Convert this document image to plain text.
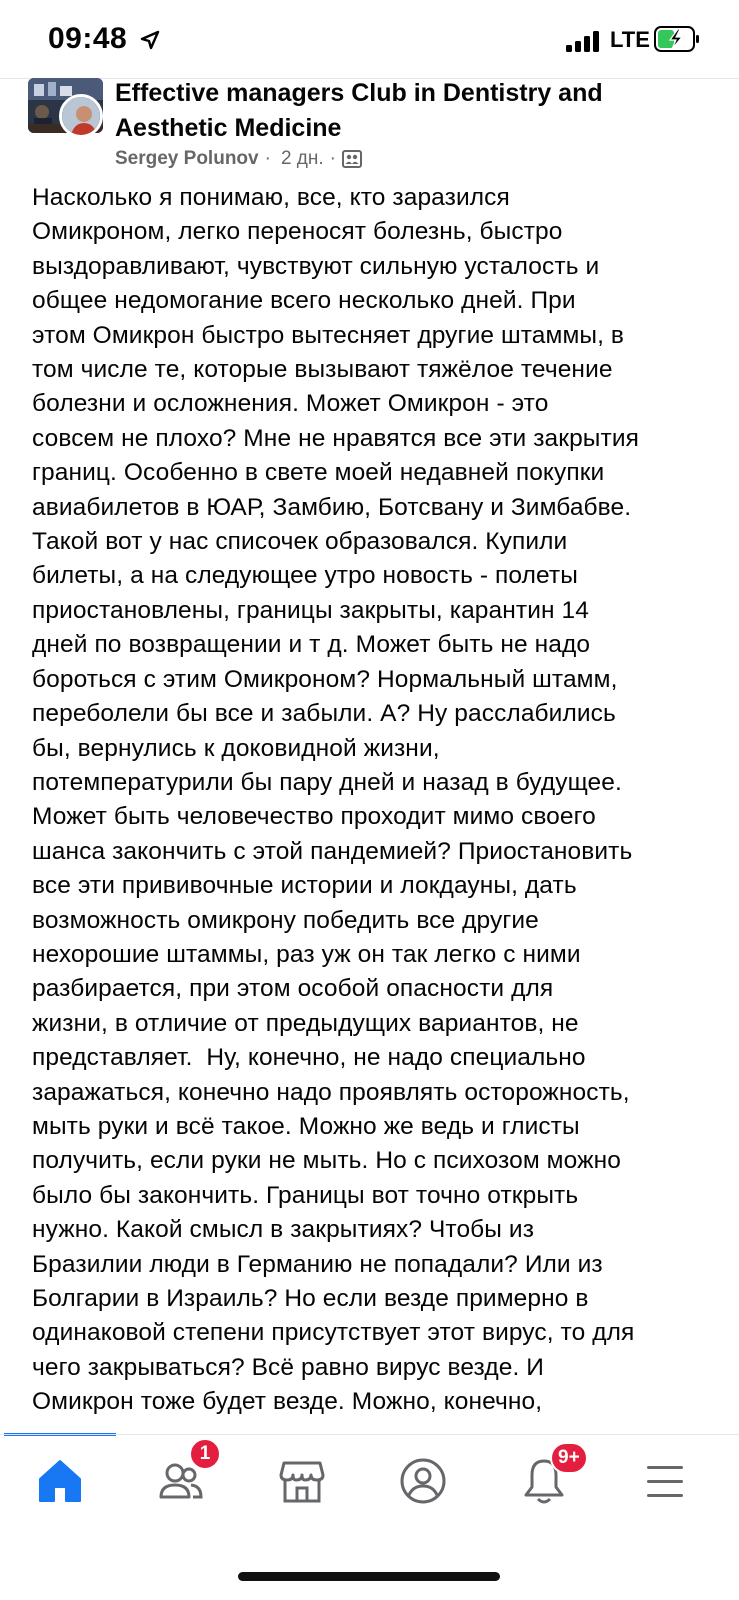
09:48	LTE
Effective managers Club in Dentistry and Aesthetic Medicine
Sergey Polunov · 2 дн. ·
Насколько я понимаю, все, кто заразился
Омикроном, легко переносят болезнь, быстро
выздоравливают, чувствуют сильную усталость и
общее недомогание всего несколько дней. При
этом Омикрон быстро вытесняет другие штаммы, в
том числе те, которые вызывают тяжёлое течение
болезни и осложнения. Может Омикрон - это
совсем не плохо? Мне не нравятся все эти закрытия
границ. Особенно в свете моей недавней покупки
авиабилетов в ЮАР, Замбию, Ботсвану и Зимбабве.
Такой вот у нас списочек образовался. Купили
билеты, а на следующее утро новость - полеты
приостановлены, границы закрыты, карантин 14
дней по возвращении и т д. Может быть не надо
бороться с этим Омикроном? Нормальный штамм,
переболели бы все и забыли. А? Ну расслабились
бы, вернулись к доковидной жизни,
потемпературили бы пару дней и назад в будущее.
Может быть человечество проходит мимо своего
шанса закончить с этой пандемией? Приостановить
все эти прививочные истории и локдауны, дать
возможность омикрону победить все другие
нехорошие штаммы, раз уж он так легко с ними
разбирается, при этом особой опасности для
жизни, в отличие от предыдущих вариантов, не
представляет.  Ну, конечно, не надо специально
заражаться, конечно надо проявлять осторожность,
мыть руки и всё такое. Можно же ведь и глисты
получить, если руки не мыть. Но с психозом можно
было бы закончить. Границы вот точно открыть
нужно. Какой смысл в закрытиях? Чтобы из
Бразилии люди в Германию не попадали? Или из
Болгарии в Израиль? Но если везде примерно в
одинаковой степени присутствует этот вирус, то для
чего закрываться? Всё равно вирус везде. И
Омикрон тоже будет везде. Можно, конечно,
1	9+
